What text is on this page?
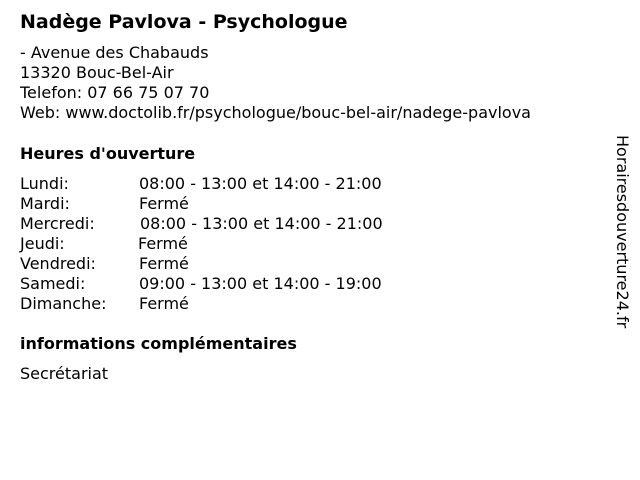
Nadège Pavlova - Psychologue
- Avenue des Chabauds
13320 Bouc-Bel-Air
Telefon: 07 66 75 07 70
Web: www.doctolib.fr/psychologue/bouc-bel-air/nadege-pavlova
Heures d'ouverture
Lundi:	08:00 - 13:00 et 14:00 - 21:00
Mardi:	Fermé
Mercredi:	08:00 - 13:00 et 14:00 - 21:00
Jeudi:	Fermé
Vendredi:	Fermé
Samedi:	09:00 - 13:00 et 14:00 - 19:00
Dimanche:	Fermé
informations complémentaires
Secrétariat
Horairesdouverture24.fr
